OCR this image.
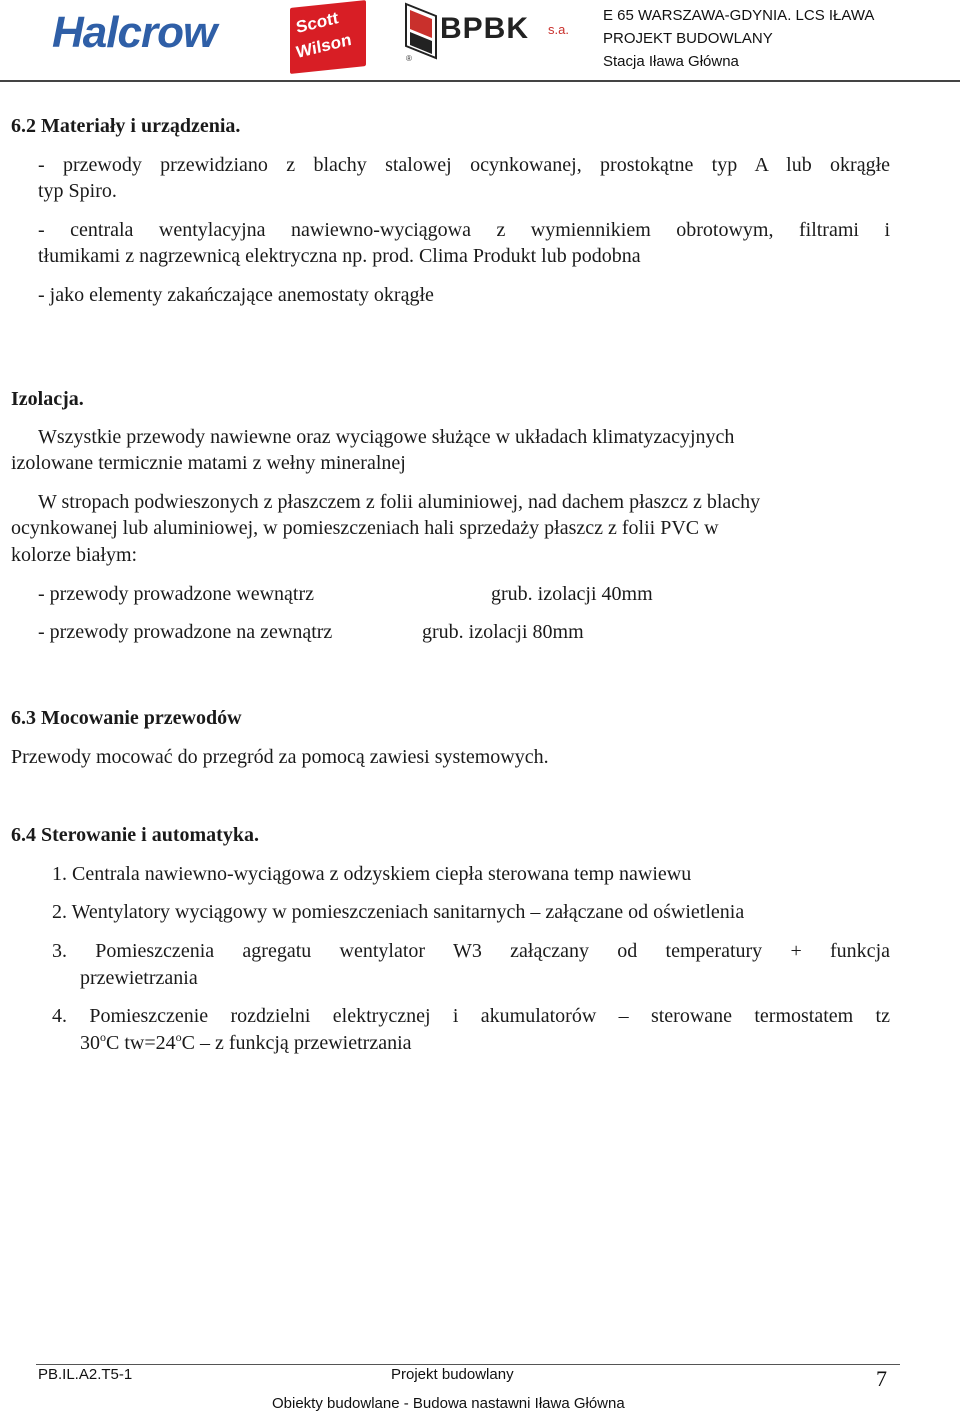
Halcrow	Scott
Wilson
BPBK s.a.
®
E 65 WARSZAWA-GDYNIA. LCS IŁAWA
PROJEKT BUDOWLANY
Stacja Iława Główna
6.2 Materiały i urządzenia.
- przewody przewidziano z blachy stalowej ocynkowanej, prostokątne typ A lub okrągłe
typ Spiro.
- centrala wentylacyjna nawiewno-wyciągowa z wymiennikiem obrotowym, filtrami i
tłumikami z nagrzewnicą elektryczna np. prod. Clima Produkt lub podobna
- jako elementy zakańczające anemostaty okrągłe
Izolacja.
Wszystkie przewody nawiewne oraz wyciągowe służące w układach klimatyzacyjnych
izolowane termicznie matami z wełny mineralnej
W stropach podwieszonych z płaszczem z folii aluminiowej, nad dachem płaszcz z blachy
ocynkowanej lub aluminiowej, w pomieszczeniach hali sprzedaży płaszcz z folii PVC w
kolorze białym:
- przewody prowadzone wewnątrz	grub. izolacji 40mm
- przewody prowadzone na zewnątrz	grub. izolacji 80mm
6.3 Mocowanie przewodów
Przewody mocować do przegród za pomocą zawiesi systemowych.
6.4 Sterowanie i automatyka.
1. Centrala nawiewno-wyciągowa z odzyskiem ciepła sterowana temp nawiewu
2. Wentylatory wyciągowy w pomieszczeniach sanitarnych – załączane od oświetlenia
3. Pomieszczenia agregatu wentylator W3 załączany od temperatury + funkcja
przewietrzania
4. Pomieszczenie rozdzielni elektrycznej i akumulatorów – sterowane termostatem tz
30$^o$C $tw=24^oC - z$ funkcją przewietrzania
PB.IL.A2.T5-1	Projekt budowlany
Obiekty budowlane - Budowa nastawni Iława Główna
7
